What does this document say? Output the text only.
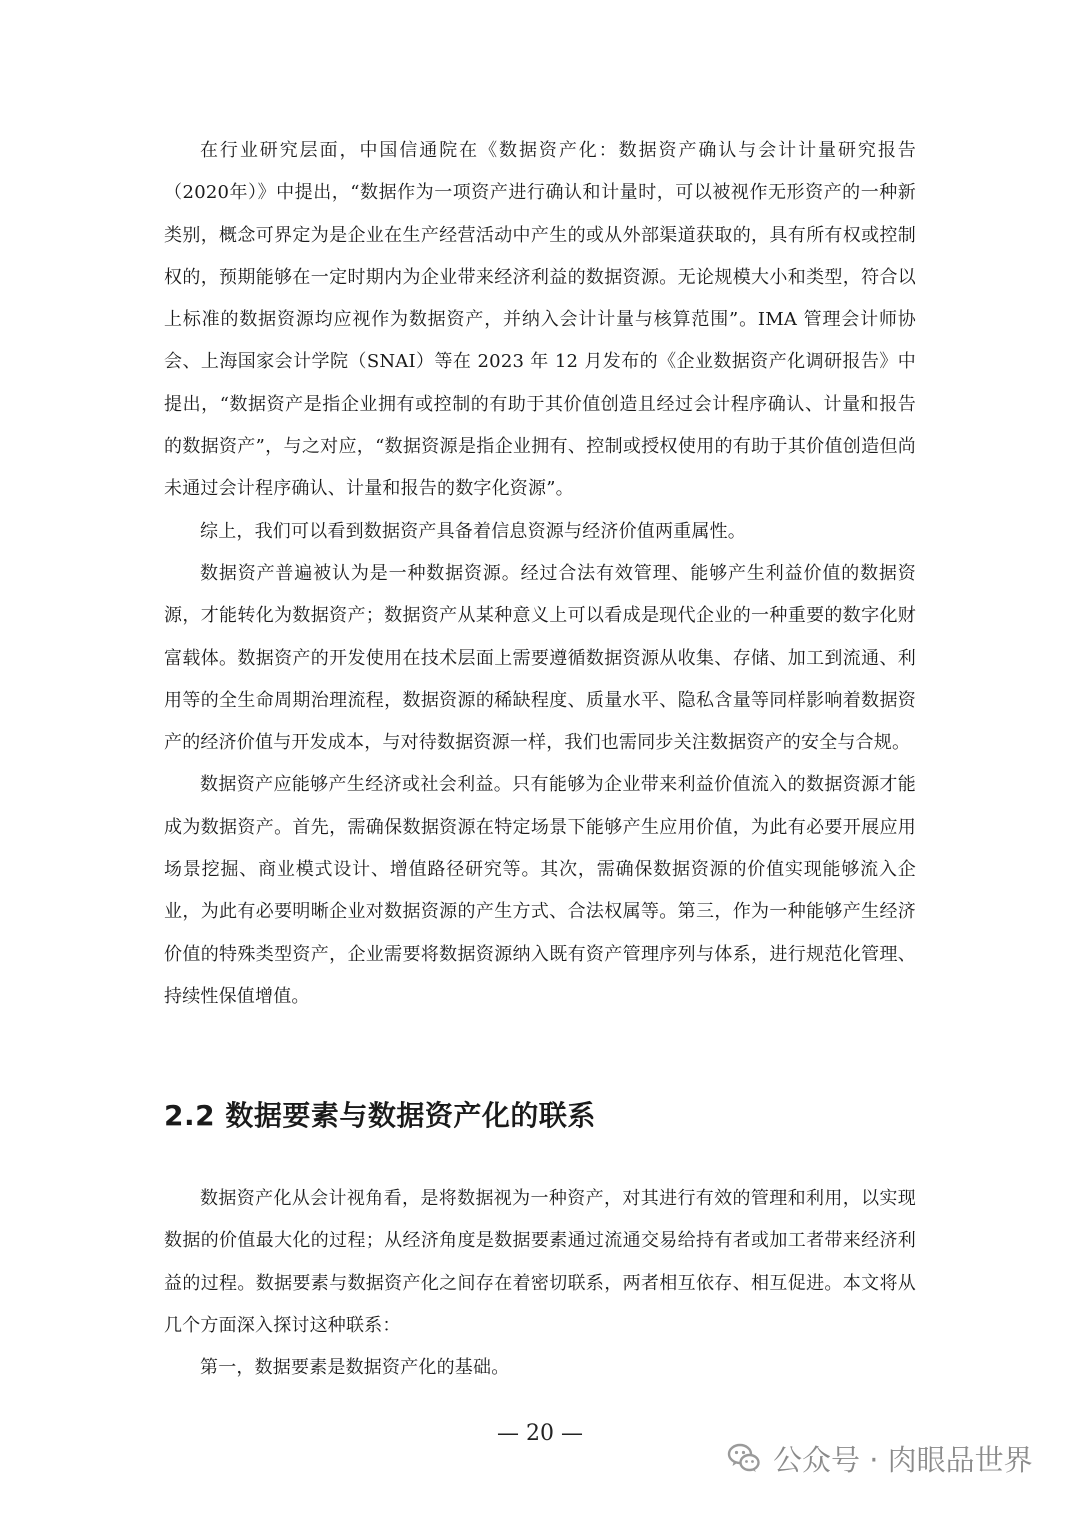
在行业研究层面，中国信通院在《数据资产化：数据资产确认与会计计量研究报告（2020年）》中提出，“数据作为一项资产进行确认和计量时，可以被视作无形资产的一种新类别，概念可界定为是企业在生产经营活动中产生的或从外部渠道获取的，具有所有权或控制权的，预期能够在一定时期内为企业带来经济利益的数据资源。无论规模大小和类型，符合以上标准的数据资源均应视作为数据资产，并纳入会计计量与核算范围”。IMA 管理会计师协会、上海国家会计学院（SNAI）等在 2023 年 12 月发布的《企业数据资产化调研报告》中提出，“数据资产是指企业拥有或控制的有助于其价值创造且经过会计程序确认、计量和报告的数据资产”，与之对应，“数据资源是指企业拥有、控制或授权使用的有助于其价值创造但尚未通过会计程序确认、计量和报告的数字化资源”。

综上，我们可以看到数据资产具备着信息资源与经济价值两重属性。

数据资产普遍被认为是一种数据资源。经过合法有效管理、能够产生利益价值的数据资源，才能转化为数据资产；数据资产从某种意义上可以看成是现代企业的一种重要的数字化财富载体。数据资产的开发使用在技术层面上需要遵循数据资源从收集、存储、加工到流通、利用等的全生命周期治理流程，数据资源的稀缺程度、质量水平、隐私含量等同样影响着数据资产的经济价值与开发成本，与对待数据资源一样，我们也需同步关注数据资产的安全与合规。

数据资产应能够产生经济或社会利益。只有能够为企业带来利益价值流入的数据资源才能成为数据资产。首先，需确保数据资源在特定场景下能够产生应用价值，为此有必要开展应用场景挖掘、商业模式设计、增值路径研究等。其次，需确保数据资源的价值实现能够流入企业，为此有必要明晰企业对数据资源的产生方式、合法权属等。第三，作为一种能够产生经济价值的特殊类型资产，企业需要将数据资源纳入既有资产管理序列与体系，进行规范化管理、持续性保值增值。

2.2 数据要素与数据资产化的联系

数据资产化从会计视角看，是将数据视为一种资产，对其进行有效的管理和利用，以实现数据的价值最大化的过程；从经济角度是数据要素通过流通交易给持有者或加工者带来经济利益的过程。数据要素与数据资产化之间存在着密切联系，两者相互依存、相互促进。本文将从几个方面深入探讨这种联系：

第一，数据要素是数据资产化的基础。

— 20 —
公众号 · 肉眼品世界
